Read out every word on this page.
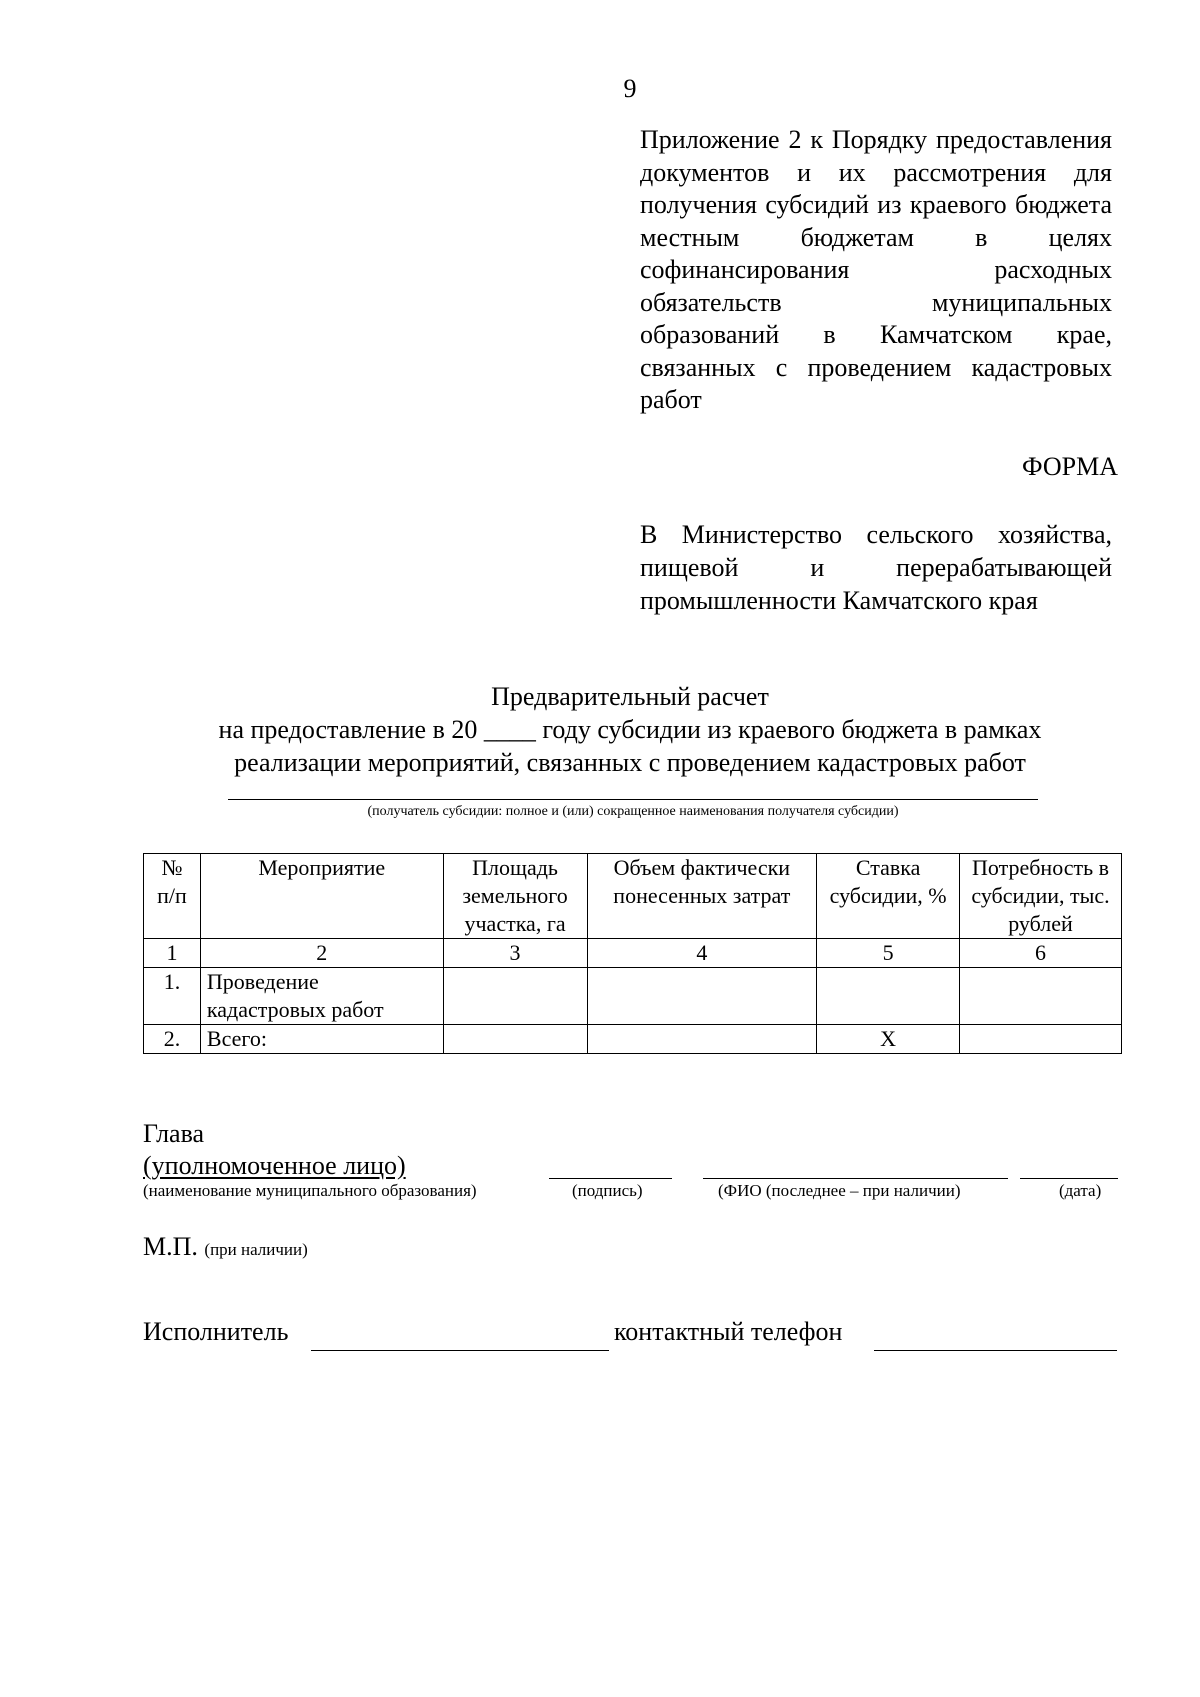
9
Приложение 2 к Порядку предоставления документов и их рассмотрения для получения субсидий из краевого бюджета местным бюджетам в целях софинансирования расходных обязательств муниципальных образований в Камчатском крае, связанных с проведением кадастровых работ
ФОРМА
В Министерство сельского хозяйства, пищевой и перерабатывающей промышленности Камчатского края
Предварительный расчет
на предоставление в 20 ____ году субсидии из краевого бюджета в рамках
реализации мероприятий, связанных с проведением кадастровых работ
(получатель субсидии: полное и (или) сокращенное наименования получателя субсидии)
№ п/п	Мероприятие	Площадь земельного участка, га	Объем фактически понесенных затрат	Ставка субсидии, %	Потребность в субсидии, тыс. рублей
1	2	3	4	5	6
1.	Проведение кадастровых работ				
2.	Всего:			Х	
Глава
(уполномоченное лицо)
(наименование муниципального образования)	(подпись)	(ФИО (последнее – при наличии)	(дата)
М.П. (при наличии)
Исполнитель	контактный телефон
